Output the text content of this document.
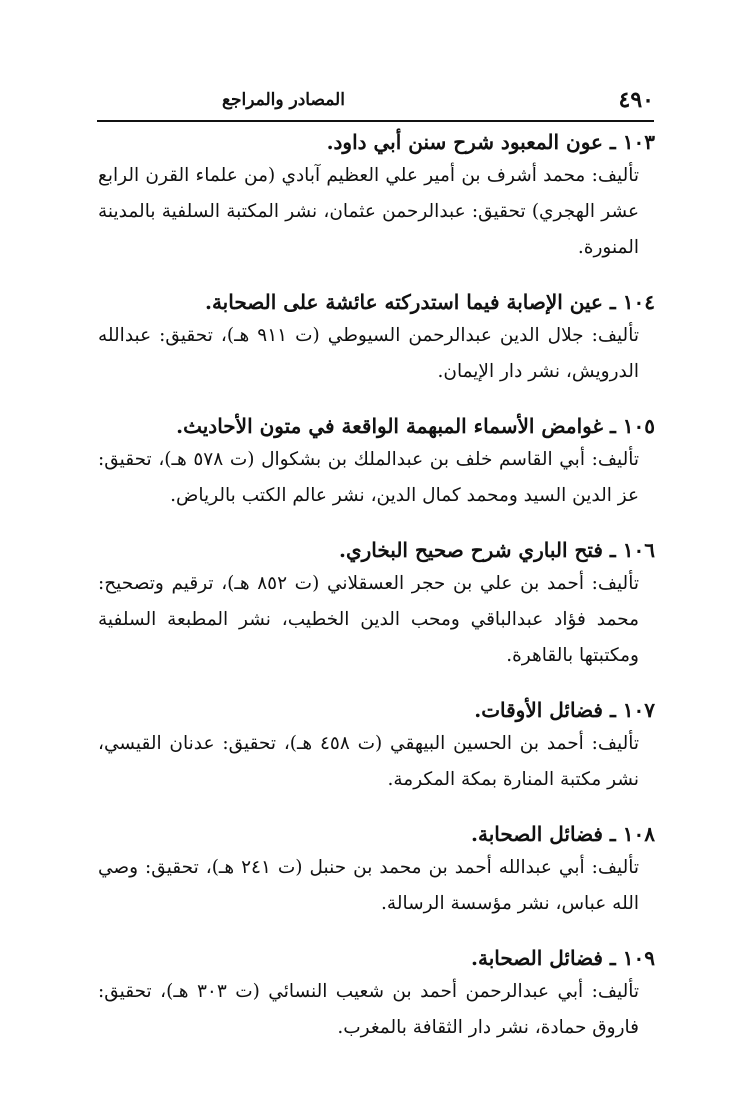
٤٩٠
المصادر والمراجع
١٠٣ ـ عون المعبود شرح سنن أبي داود.

تأليف: محمد أشرف بن أمير علي العظيم آبادي (من علماء القرن الرابع عشر الهجري) تحقيق: عبدالرحمن عثمان، نشر المكتبة السلفية بالمدينة المنورة.

١٠٤ ـ عين الإصابة فيما استدركته عائشة على الصحابة.

تأليف: جلال الدين عبدالرحمن السيوطي (ت ٩١١ هـ)، تحقيق: عبدالله الدرويش، نشر دار الإيمان.

١٠٥ ـ غوامض الأسماء المبهمة الواقعة في متون الأحاديث.

تأليف: أبي القاسم خلف بن عبدالملك بن بشكوال (ت ٥٧٨ هـ)، تحقيق: عز الدين السيد ومحمد كمال الدين، نشر عالم الكتب بالرياض.

١٠٦ ـ فتح الباري شرح صحيح البخاري.

تأليف: أحمد بن علي بن حجر العسقلاني (ت ٨٥٢ هـ)، ترقيم وتصحيح: محمد فؤاد عبدالباقي ومحب الدين الخطيب، نشر المطبعة السلفية ومكتبتها بالقاهرة.

١٠٧ ـ فضائل الأوقات.

تأليف: أحمد بن الحسين البيهقي (ت ٤٥٨ هـ)، تحقيق: عدنان القيسي، نشر مكتبة المنارة بمكة المكرمة.

١٠٨ ـ فضائل الصحابة.

تأليف: أبي عبدالله أحمد بن محمد بن حنبل (ت ٢٤١ هـ)، تحقيق: وصي الله عباس، نشر مؤسسة الرسالة.

١٠٩ ـ فضائل الصحابة.

تأليف: أبي عبدالرحمن أحمد بن شعيب النسائي (ت ٣٠٣ هـ)، تحقيق: فاروق حمادة، نشر دار الثقافة بالمغرب.
